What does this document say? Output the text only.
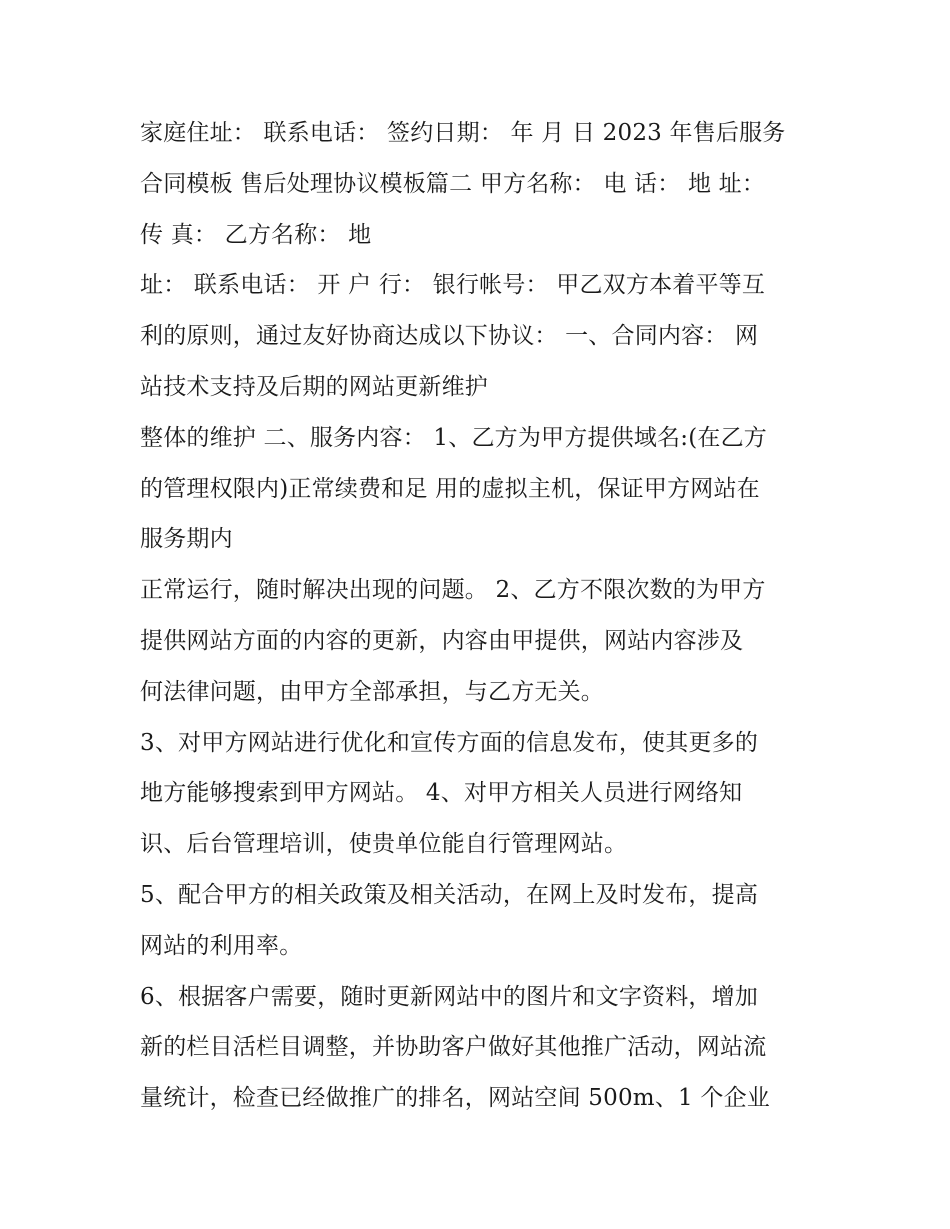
家庭住址： 联系电话： 签约日期： 年 月 日 2023 年售后服务
合同模板 售后处理协议模板篇二 甲方名称： 电 话： 地 址：
传 真： 乙方名称： 地
址： 联系电话： 开 户 行： 银行帐号： 甲乙双方本着平等互
利的原则，通过友好协商达成以下协议： 一、合同内容： 网
站技术支持及后期的网站更新维护
整体的维护 二、服务内容： 1、乙方为甲方提供域名:(在乙方
的管理权限内)正常续费和足 用的虚拟主机，保证甲方网站在
服务期内
正常运行，随时解决出现的问题。 2、乙方不限次数的为甲方
提供网站方面的内容的更新，内容由甲提供，网站内容涉及
何法律问题，由甲方全部承担，与乙方无关。
3、对甲方网站进行优化和宣传方面的信息发布，使其更多的
地方能够搜索到甲方网站。 4、对甲方相关人员进行网络知
识、后台管理培训，使贵单位能自行管理网站。
5、配合甲方的相关政策及相关活动，在网上及时发布，提高
网站的利用率。
6、根据客户需要，随时更新网站中的图片和文字资料，增加
新的栏目活栏目调整，并协助客户做好其他推广活动，网站流
量统计，检查已经做推广的排名，网站空间 500m、1 个企业
